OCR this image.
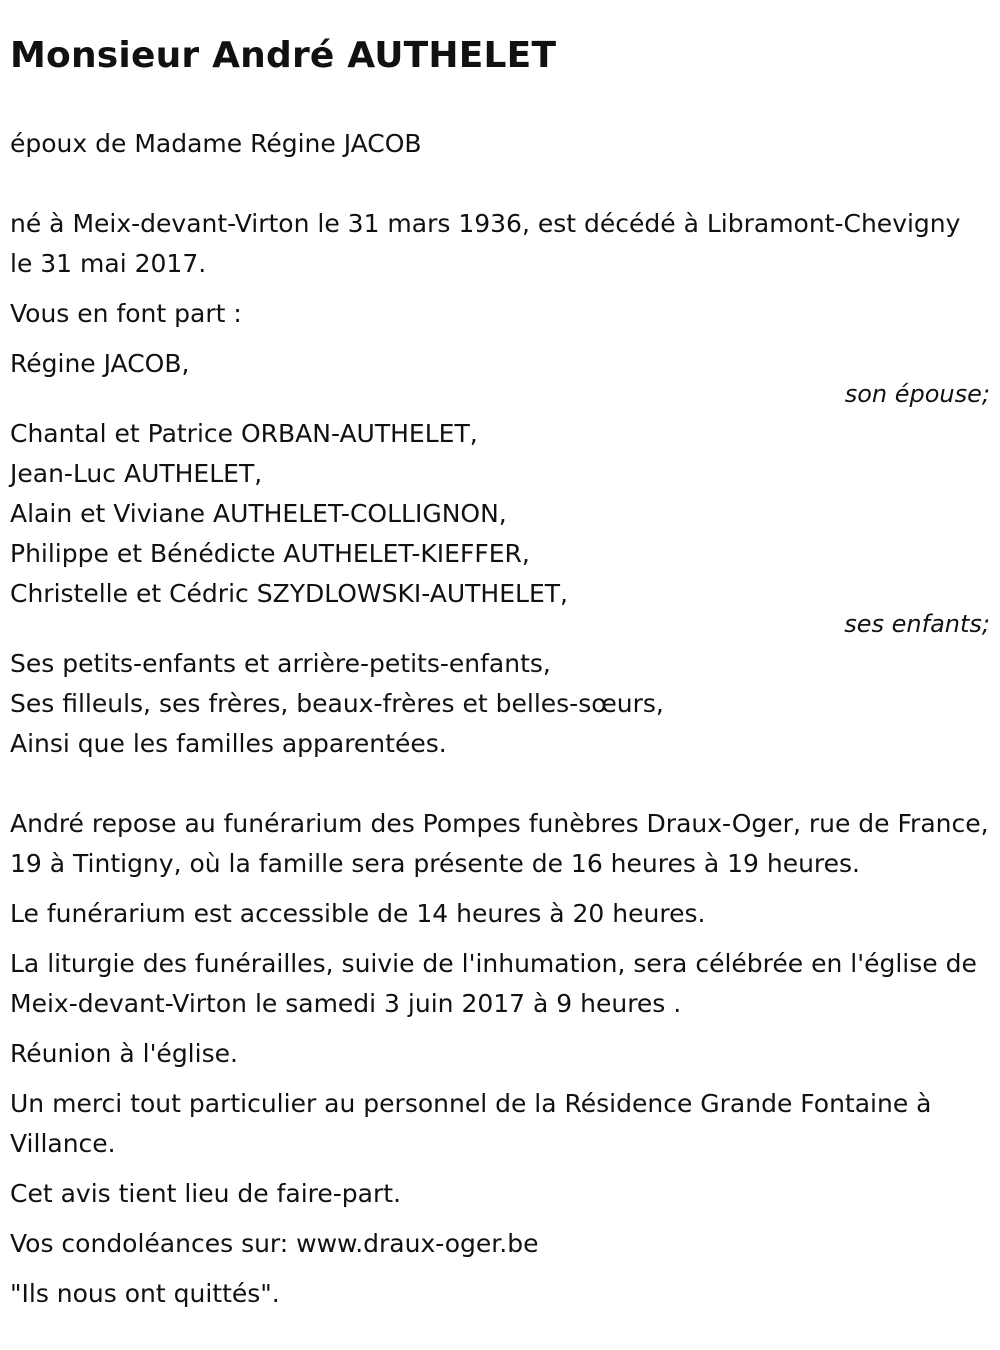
Monsieur André AUTHELET

époux de Madame Régine JACOB

né à Meix-devant-Virton le 31 mars 1936, est décédé à Libramont-Chevigny le 31 mai 2017.

Vous en font part :

Régine JACOB,

son épouse;

Chantal et Patrice ORBAN-AUTHELET,

Jean-Luc AUTHELET,

Alain et Viviane AUTHELET-COLLIGNON,

Philippe et Bénédicte AUTHELET-KIEFFER,

Christelle et Cédric SZYDLOWSKI-AUTHELET,

ses enfants;

Ses petits-enfants et arrière-petits-enfants,

Ses filleuls, ses frères, beaux-frères et belles-sœurs,

Ainsi que les familles apparentées.

André repose au funérarium des Pompes funèbres Draux-Oger, rue de France, 19 à Tintigny, où la famille sera présente de 16 heures à 19 heures.

Le funérarium est accessible de 14 heures à 20 heures.

La liturgie des funérailles, suivie de l'inhumation, sera célébrée en l'église de Meix-devant-Virton le samedi 3 juin 2017 à 9 heures .

Réunion à l'église.

Un merci tout particulier au personnel de la Résidence Grande Fontaine à Villance.

Cet avis tient lieu de faire-part.

Vos condoléances sur: www.draux-oger.be

"Ils nous ont quittés".
